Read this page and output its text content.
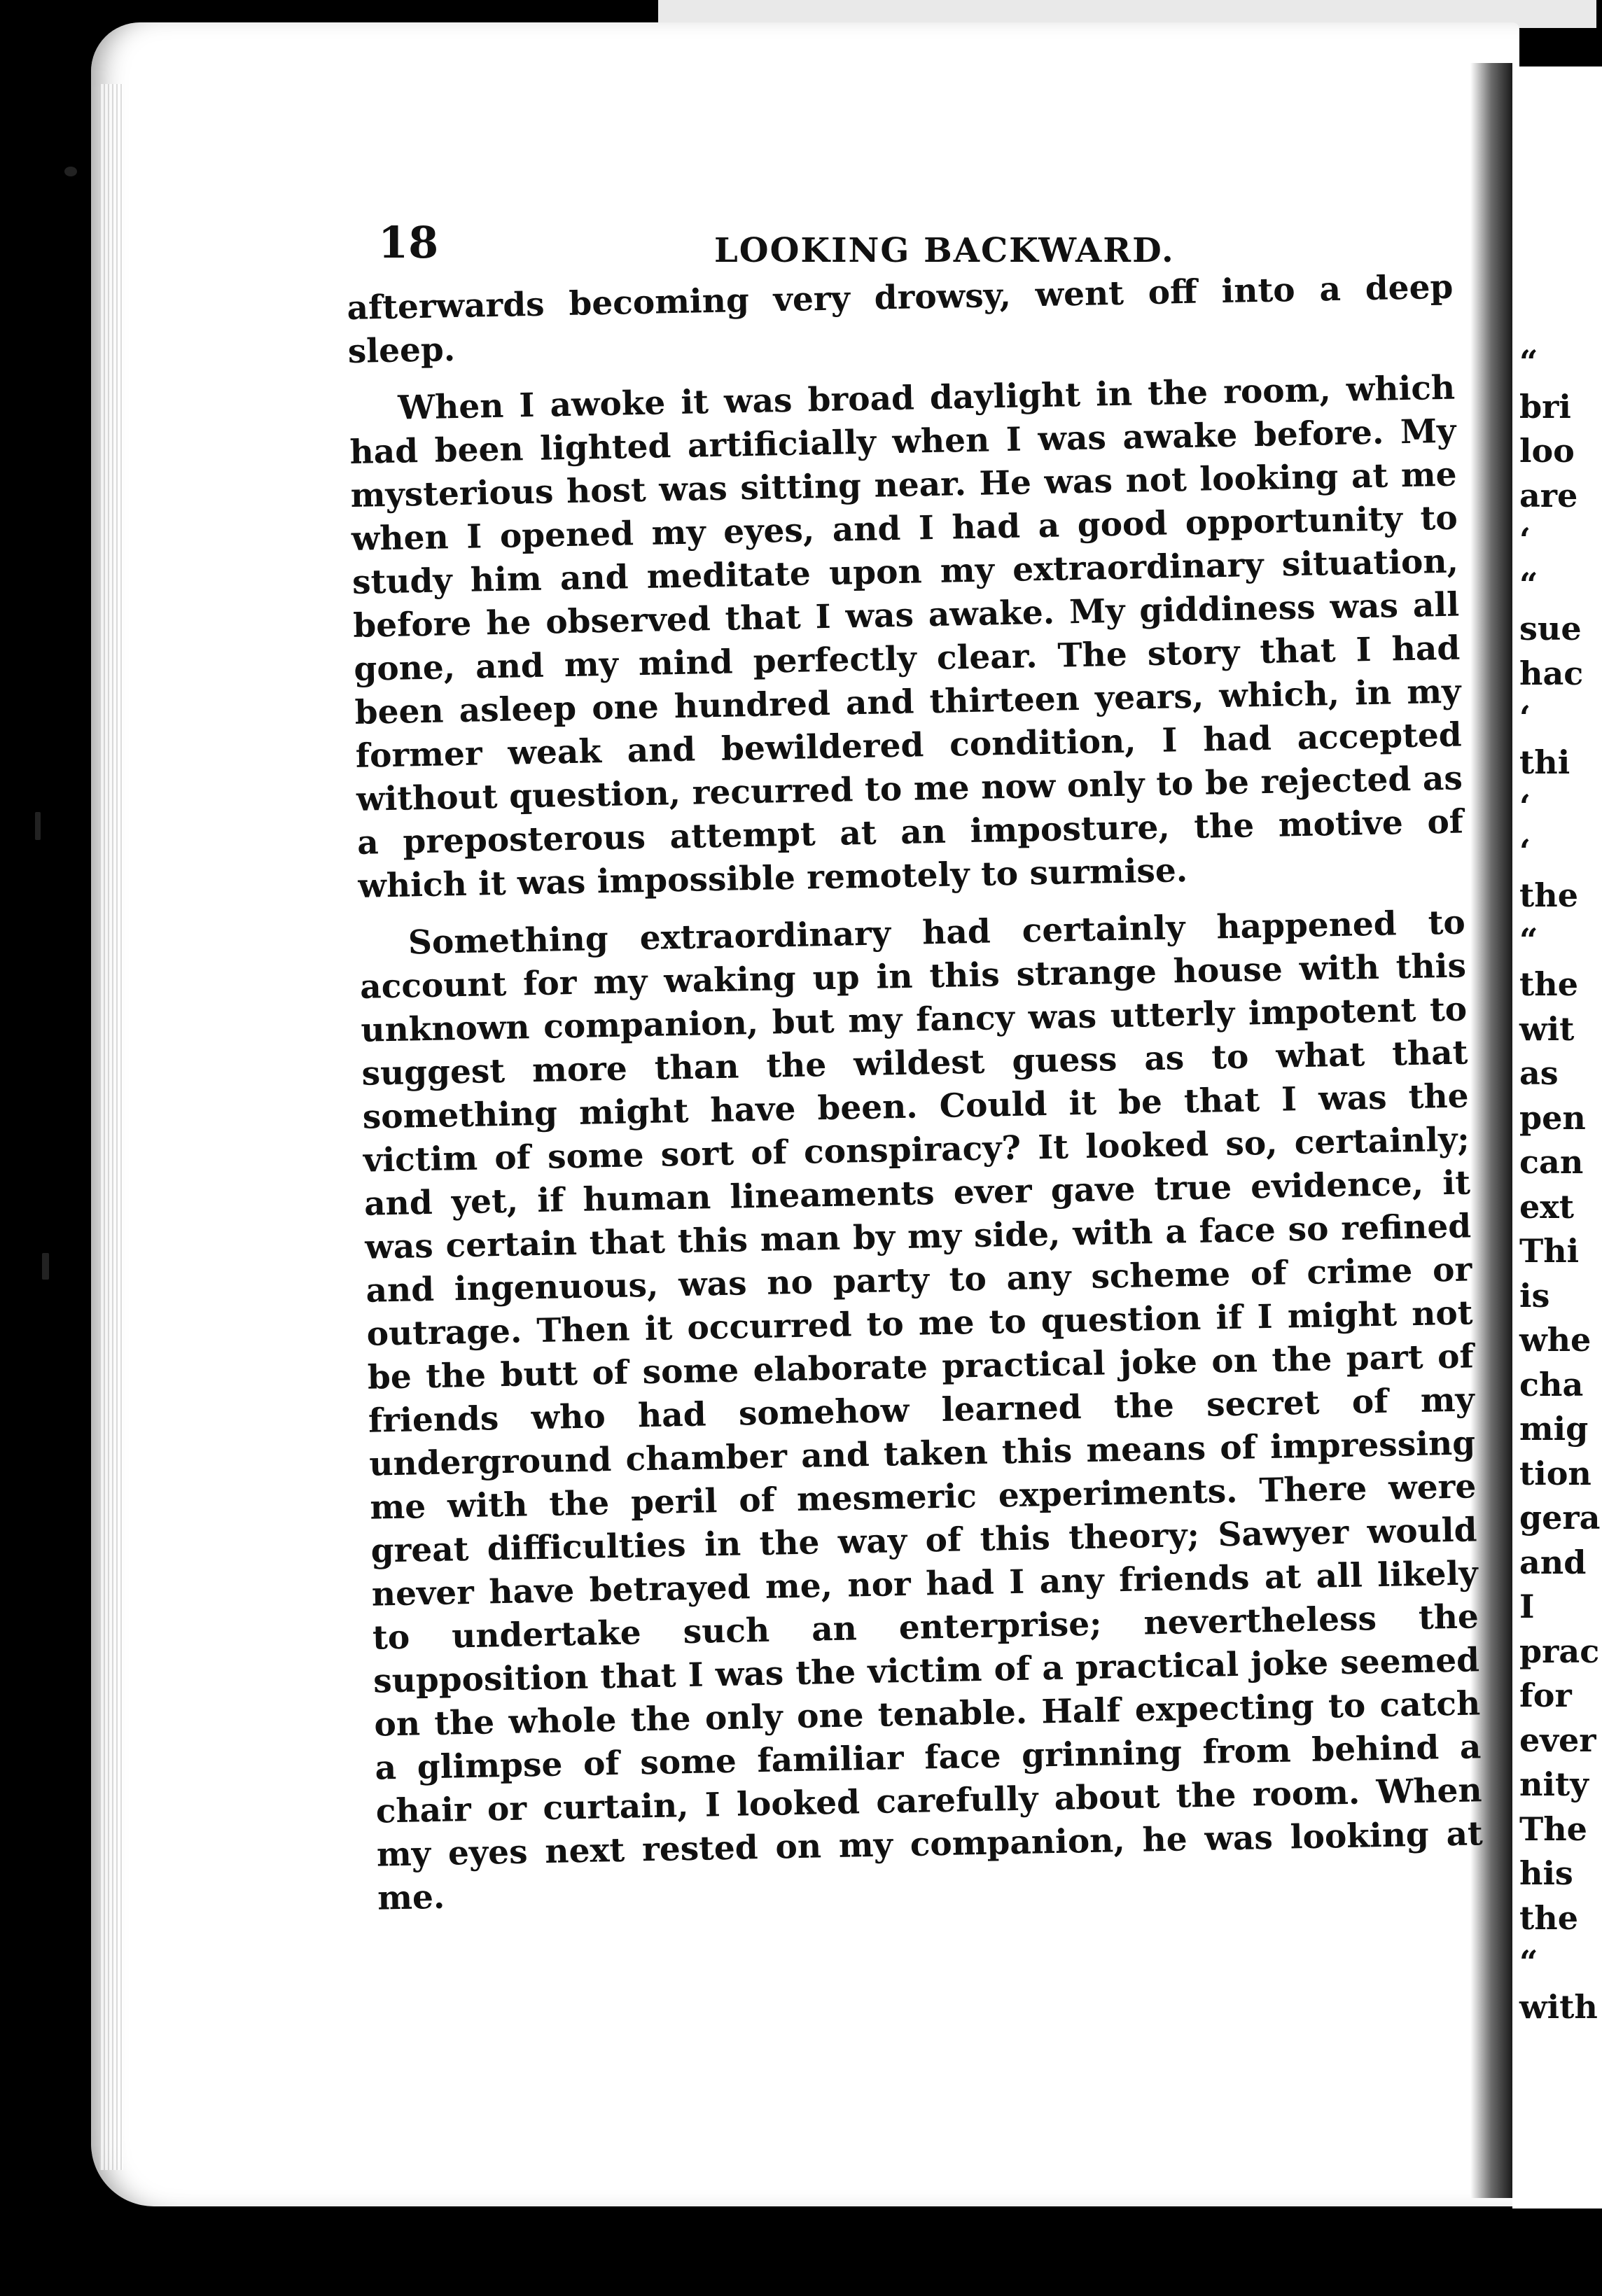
“
bri
loo
are
‘
“
sue
hac
‘
thi
‘
‘
the
“
the
wit
as
pen
can
ext
Thi
is
whe
cha
mig
tion
gera
and
I
prac
for
ever
nity
The
his
the
“
with
18	LOOKING BACKWARD.

afterwards becoming very drowsy, went off into a deep sleep.

When I awoke it was broad daylight in the room, which had been lighted artificially when I was awake before. My mysterious host was sitting near. He was not looking at me when I opened my eyes, and I had a good opportunity to study him and meditate upon my extraordinary situation, before he observed that I was awake. My giddiness was all gone, and my mind perfectly clear. The story that I had been asleep one hundred and thirteen years, which, in my former weak and bewildered condition, I had accepted without question, recurred to me now only to be rejected as a preposterous attempt at an imposture, the motive of which it was impossible remotely to surmise.

Something extraordinary had certainly happened to account for my waking up in this strange house with this unknown companion, but my fancy was utterly impotent to suggest more than the wildest guess as to what that something might have been. Could it be that I was the victim of some sort of conspiracy? It looked so, certainly; and yet, if human lineaments ever gave true evidence, it was certain that this man by my side, with a face so refined and ingenuous, was no party to any scheme of crime or outrage. Then it occurred to me to question if I might not be the butt of some elaborate practical joke on the part of friends who had somehow learned the secret of my underground chamber and taken this means of impressing me with the peril of mesmeric experiments. There were great difficulties in the way of this theory; Sawyer would never have betrayed me, nor had I any friends at all likely to undertake such an enterprise; nevertheless the supposition that I was the victim of a practical joke seemed on the whole the only one tenable. Half expecting to catch a glimpse of some familiar face grinning from behind a chair or curtain, I looked carefully about the room. When my eyes next rested on my companion, he was looking at me.
